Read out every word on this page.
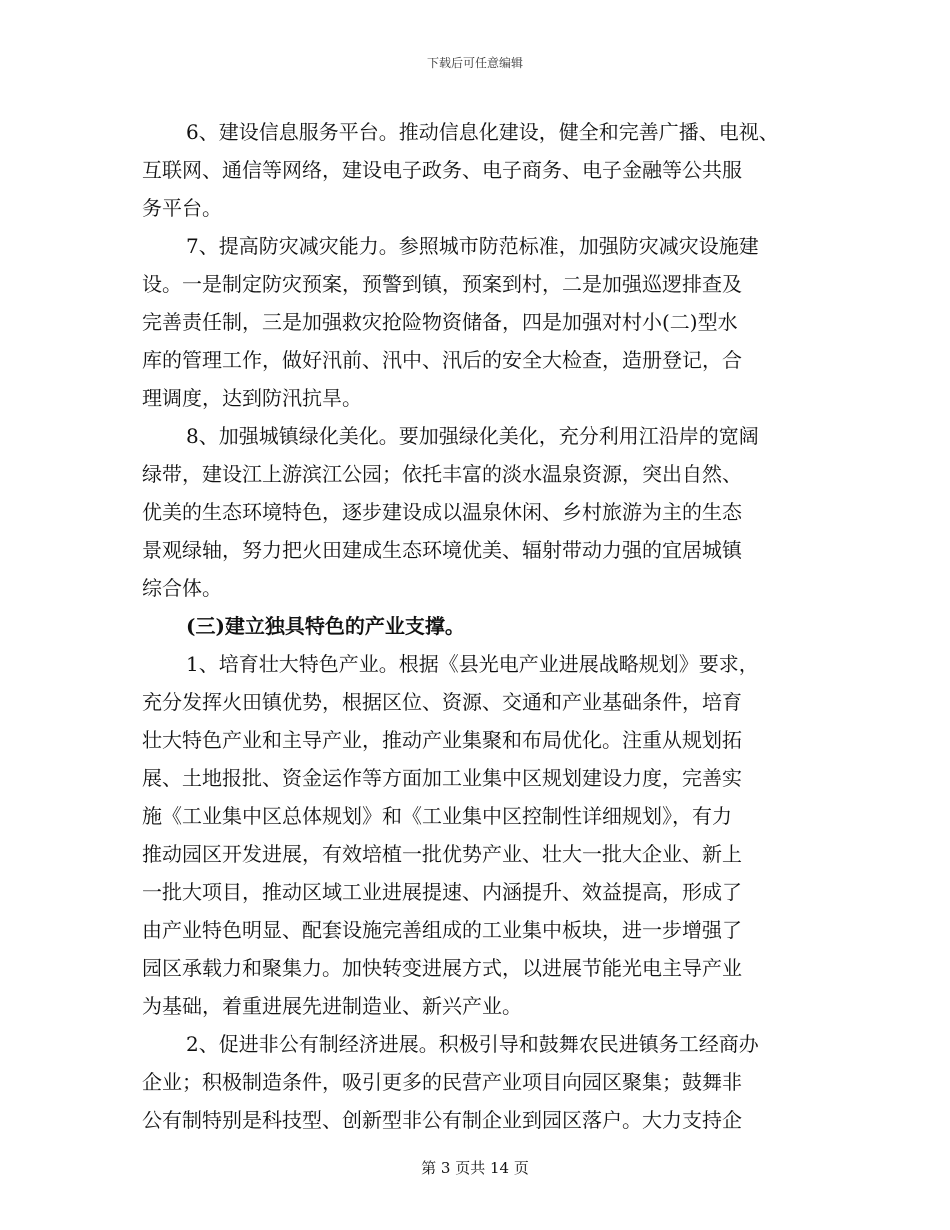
下载后可任意编辑

6、建设信息服务平台。推动信息化建设，健全和完善广播、电视、
互联网、通信等网络，建设电子政务、电子商务、电子金融等公共服
务平台。

7、提高防灾减灾能力。参照城市防范标准，加强防灾减灾设施建
设。一是制定防灾预案，预警到镇，预案到村，二是加强巡逻排查及
完善责任制，三是加强救灾抢险物资储备，四是加强对村小(二)型水
库的管理工作，做好汛前、汛中、汛后的安全大检查，造册登记，合
理调度，达到防汛抗旱。

8、加强城镇绿化美化。要加强绿化美化，充分利用江沿岸的宽阔
绿带，建设江上游滨江公园；依托丰富的淡水温泉资源，突出自然、
优美的生态环境特色，逐步建设成以温泉休闲、乡村旅游为主的生态
景观绿轴，努力把火田建成生态环境优美、辐射带动力强的宜居城镇
综合体。

(三)建立独具特色的产业支撑。

1、培育壮大特色产业。根据《县光电产业进展战略规划》要求，
充分发挥火田镇优势，根据区位、资源、交通和产业基础条件，培育
壮大特色产业和主导产业，推动产业集聚和布局优化。注重从规划拓
展、土地报批、资金运作等方面加工业集中区规划建设力度，完善实
施《工业集中区总体规划》和《工业集中区控制性详细规划》，有力
推动园区开发进展，有效培植一批优势产业、壮大一批大企业、新上
一批大项目，推动区域工业进展提速、内涵提升、效益提高，形成了
由产业特色明显、配套设施完善组成的工业集中板块，进一步增强了
园区承载力和聚集力。加快转变进展方式，以进展节能光电主导产业
为基础，着重进展先进制造业、新兴产业。

2、促进非公有制经济进展。积极引导和鼓舞农民进镇务工经商办
企业；积极制造条件，吸引更多的民营产业项目向园区聚集；鼓舞非
公有制特别是科技型、创新型非公有制企业到园区落户。大力支持企

第 3 页共 14 页
